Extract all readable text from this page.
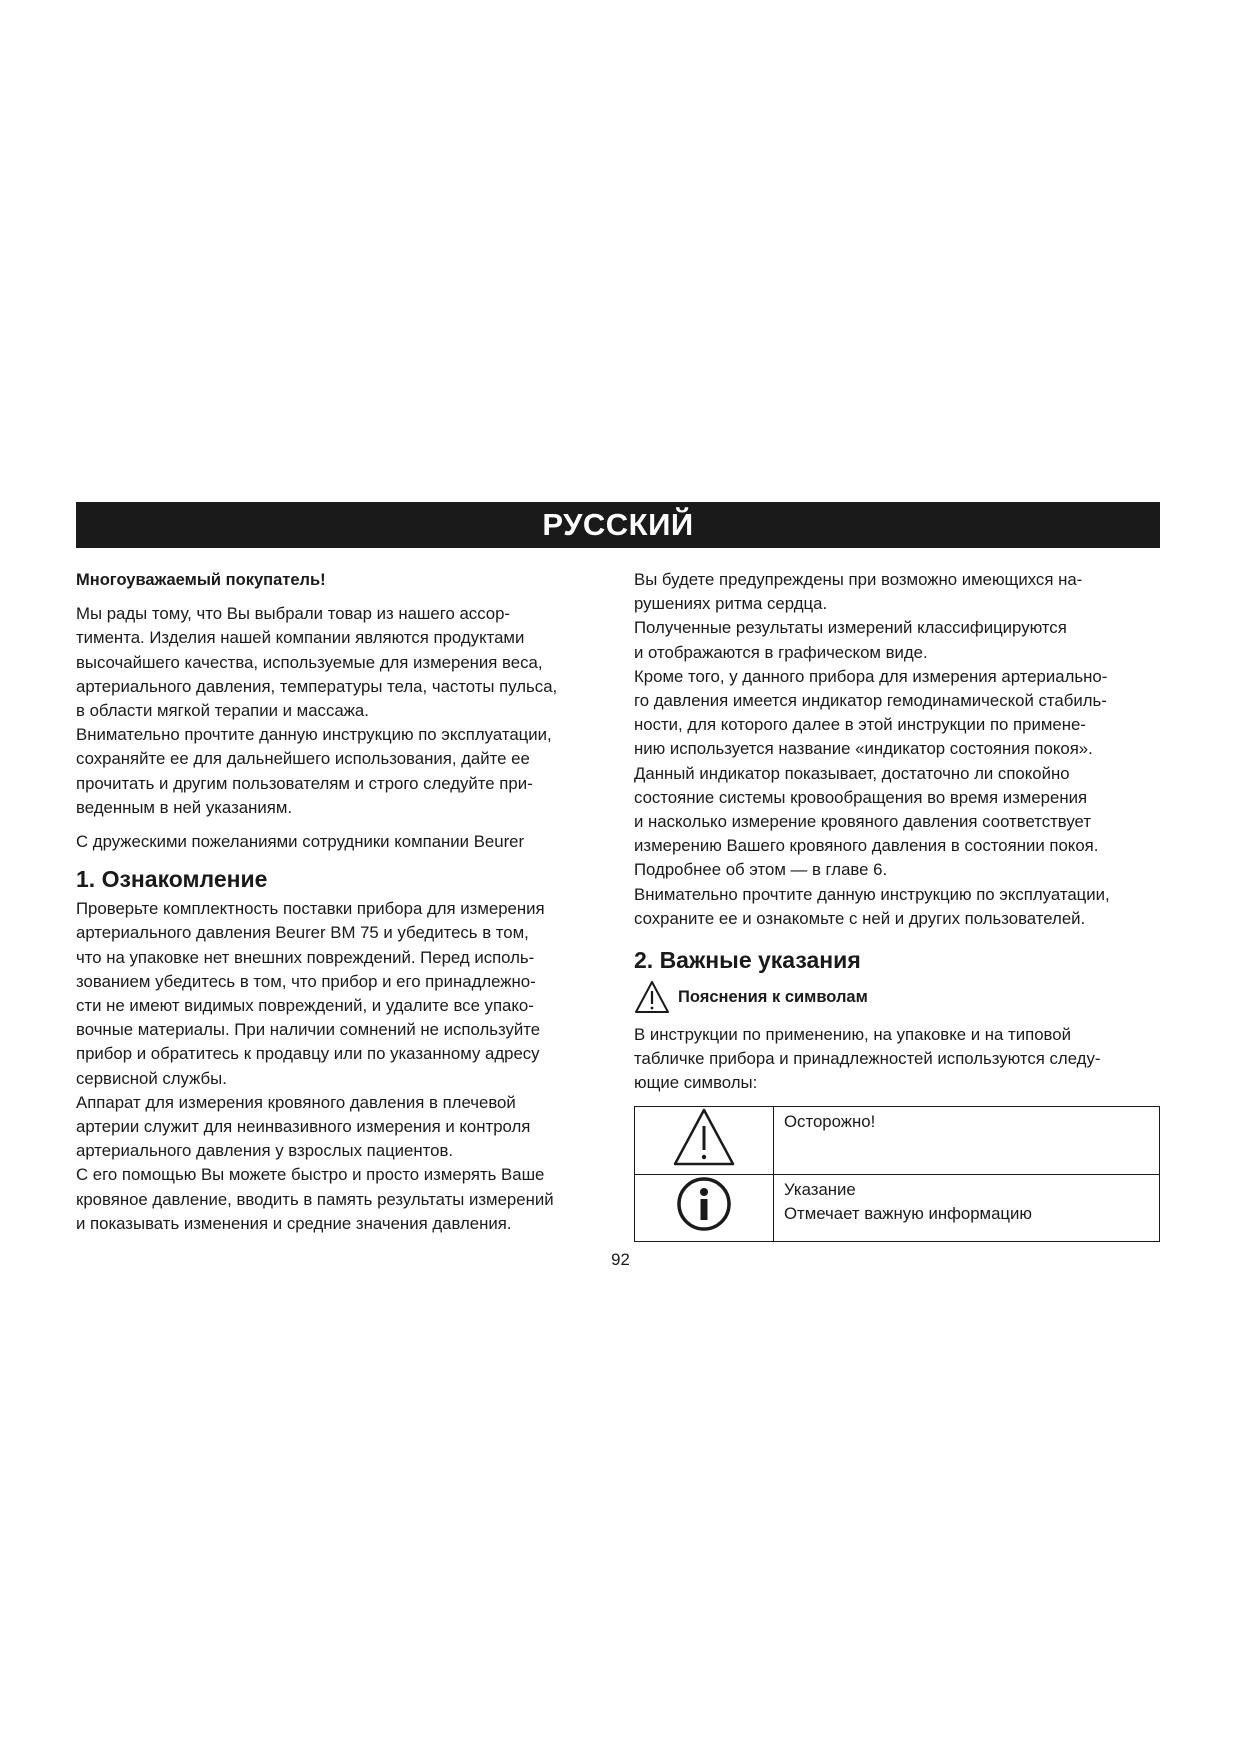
РУССКИЙ

Многоуважаемый покупатель!

Мы рады тому, что Вы выбрали товар из нашего ассор-

тимента. Изделия нашей компании являются продуктами

высочайшего качества, используемые для измерения веса,

артериального давления, температуры тела, частоты пульса,

в области мягкой терапии и массажа.

Внимательно прочтите данную инструкцию по эксплуатации,

сохраняйте ее для дальнейшего использования, дайте ее

прочитать и другим пользователям и строго следуйте при-

веденным в ней указаниям.

С дружескими пожеланиями сотрудники компании Beurer

1. Ознакомление

Проверьте комплектность поставки прибора для измерения

артериального давления Beurer BM 75 и убедитесь в том,

что на упаковке нет внешних повреждений. Перед исполь-

зованием убедитесь в том, что прибор и его принадлежно-

сти не имеют видимых повреждений, и удалите все упако-

вочные материалы. При наличии сомнений не используйте

прибор и обратитесь к продавцу или по указанному адресу

сервисной службы.

Аппарат для измерения кровяного давления в плечевой

артерии служит для неинвазивного измерения и контроля

артериального давления у взрослых пациентов.

С его помощью Вы можете быстро и просто измерять Ваше

кровяное давление, вводить в память результаты измерений

и показывать изменения и средние значения давления.

Вы будете предупреждены при возможно имеющихся на-

рушениях ритма сердца.

Полученные результаты измерений классифицируются

и отображаются в графическом виде.

Кроме того, у данного прибора для измерения артериально-

го давления имеется индикатор гемодинамической стабиль-

ности, для которого далее в этой инструкции по примене-

нию используется название «индикатор состояния покоя».

Данный индикатор показывает, достаточно ли спокойно

состояние системы кровообращения во время измерения

и насколько измерение кровяного давления соответствует

измерению Вашего кровяного давления в состоянии покоя.

Подробнее об этом — в главе 6.

Внимательно прочтите данную инструкцию по эксплуатации,

сохраните ее и ознакомьте с ней и других пользователей.

2. Важные указания
Пояснения к символам

В инструкции по применению, на упаковке и на типовой

табличке прибора и принадлежностей используются следу-

ющие символы:

Осторожно!

Указание
Отмечает важную информацию
92
